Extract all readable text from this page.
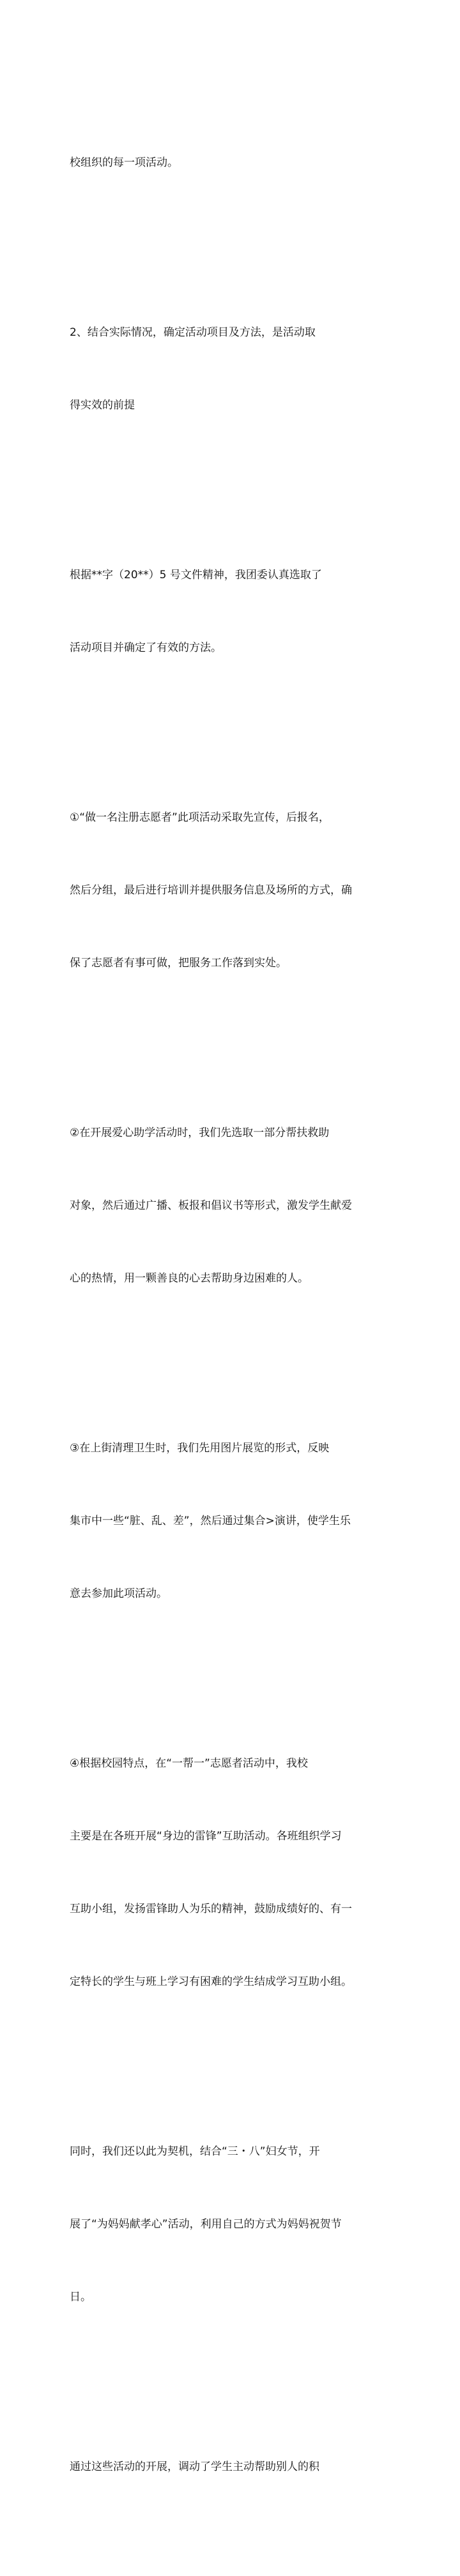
校组织的每一项活动。

2、结合实际情况，确定活动项目及方法，是活动取

得实效的前提

根据**字（20**）5 号文件精神，我团委认真选取了

活动项目并确定了有效的方法。

①“做一名注册志愿者”此项活动采取先宣传，后报名，

然后分组，最后进行培训并提供服务信息及场所的方式，确

保了志愿者有事可做，把服务工作落到实处。

②在开展爱心助学活动时，我们先选取一部分帮扶救助

对象，然后通过广播、板报和倡议书等形式，激发学生献爱

心的热情，用一颗善良的心去帮助身边困难的人。

③在上街清理卫生时，我们先用图片展览的形式，反映

集市中一些“脏、乱、差”，然后通过集合>演讲，使学生乐

意去参加此项活动。

④根据校园特点，在“一帮一”志愿者活动中，我校

主要是在各班开展“身边的雷锋”互助活动。各班组织学习

互助小组，发扬雷锋助人为乐的精神，鼓励成绩好的、有一

定特长的学生与班上学习有困难的学生结成学习互助小组。

同时，我们还以此为契机，结合“三・八”妇女节，开

展了“为妈妈献孝心”活动，利用自己的方式为妈妈祝贺节

日。

通过这些活动的开展，调动了学生主动帮助别人的积
